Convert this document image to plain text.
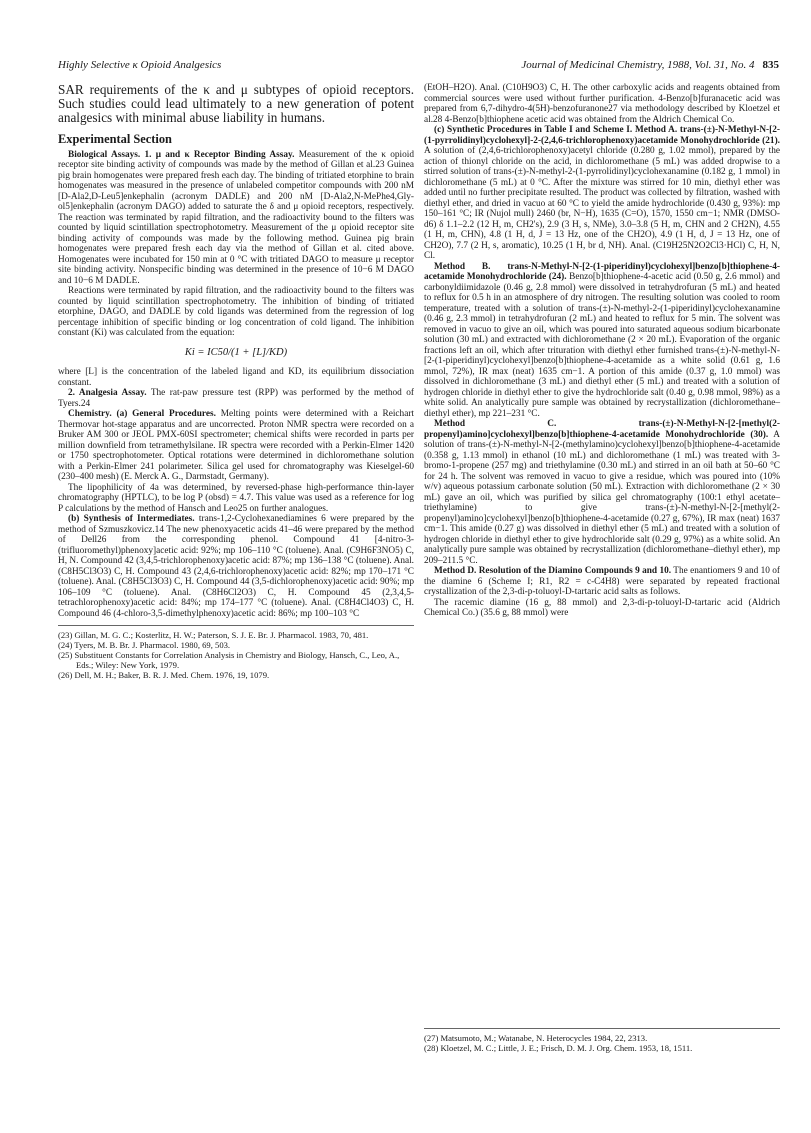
Highly Selective κ Opioid Analgesics	Journal of Medicinal Chemistry, 1988, Vol. 31, No. 4 835

SAR requirements of the κ and μ subtypes of opioid receptors. Such studies could lead ultimately to a new generation of potent analgesics with minimal abuse liability in humans.

Experimental Section

Biological Assays. 1. μ and κ Receptor Binding Assay. Measurement of the κ opioid receptor site binding activity of compounds was made by the method of Gillan et al.23 Guinea pig brain homogenates were prepared fresh each day. The binding of tritiated etorphine to brain homogenates was measured in the presence of unlabeled competitor compounds with 200 nM [D-Ala2,D-Leu5]enkephalin (acronym DADLE) and 200 nM [D-Ala2,N-MePhe4,Gly-ol5]enkephalin (acronym DAGO) added to saturate the δ and μ opioid receptors, respectively. The reaction was terminated by rapid filtration, and the radioactivity bound to the filters was counted by liquid scintillation spectrophotometry. Measurement of the μ opioid receptor site binding activity of compounds was made by the following method. Guinea pig brain homogenates were prepared fresh each day via the method of Gillan et al. cited above. Homogenates were incubated for 150 min at 0 °C with tritiated DAGO to measure μ receptor site binding activity. Nonspecific binding was determined in the presence of 10−6 M DAGO and 10−6 M DADLE.

Reactions were terminated by rapid filtration, and the radioactivity bound to the filters was counted by liquid scintillation spectrophotometry. The inhibition of binding of tritiated etorphine, DAGO, and DADLE by cold ligands was determined from the regression of log percentage inhibition of specific binding or log concentration of cold ligand. The inhibition constant (Ki) was calculated from the equation:

Ki = IC50/(1 + [L]/KD)

where [L] is the concentration of the labeled ligand and KD, its equilibrium dissociation constant.

2. Analgesia Assay. The rat-paw pressure test (RPP) was performed by the method of Tyers.24

Chemistry. (a) General Procedures. Melting points were determined with a Reichart Thermovar hot-stage apparatus and are uncorrected. Proton NMR spectra were recorded on a Bruker AM 300 or JEOL PMX-60SI spectrometer; chemical shifts were recorded in parts per million downfield from tetramethylsilane. IR spectra were recorded with a Perkin-Elmer 1420 or 1750 spectrophotometer. Optical rotations were determined in dichloromethane solution with a Perkin-Elmer 241 polarimeter. Silica gel used for chromatography was Kieselgel-60 (230–400 mesh) (E. Merck A. G., Darmstadt, Germany).

The lipophilicity of 4a was determined, by reversed-phase high-performance thin-layer chromatography (HPTLC), to be log P (obsd) = 4.7. This value was used as a reference for log P calculations by the method of Hansch and Leo25 on further analogues.

(b) Synthesis of Intermediates. trans-1,2-Cyclohexanediamines 6 were prepared by the method of Szmuszkovicz.14 The new phenoxyacetic acids 41–46 were prepared by the method of Dell26 from the corresponding phenol. Compound 41 [4-nitro-3-(trifluoromethyl)phenoxy]acetic acid: 92%; mp 106–110 °C (toluene). Anal. (C9H6F3NO5) C, H, N. Compound 42 (3,4,5-trichlorophenoxy)acetic acid: 87%; mp 136–138 °C (toluene). Anal. (C8H5Cl3O3) C, H. Compound 43 (2,4,6-trichlorophenoxy)acetic acid: 82%; mp 170–171 °C (toluene). Anal. (C8H5Cl3O3) C, H. Compound 44 (3,5-dichlorophenoxy)acetic acid: 90%; mp 106–109 °C (toluene). Anal. (C8H6Cl2O3) C, H. Compound 45 (2,3,4,5-tetrachlorophenoxy)acetic acid: 84%; mp 174–177 °C (toluene). Anal. (C8H4Cl4O3) C, H. Compound 46 (4-chloro-3,5-dimethylphenoxy)acetic acid: 86%; mp 100–103 °C

(23) Gillan, M. G. C.; Kosterlitz, H. W.; Paterson, S. J. E. Br. J. Pharmacol. 1983, 70, 481.

(24) Tyers, M. B. Br. J. Pharmacol. 1980, 69, 503.

(25) Substituent Constants for Correlation Analysis in Chemistry and Biology, Hansch, C., Leo, A., Eds.; Wiley: New York, 1979.

(26) Dell, M. H.; Baker, B. R. J. Med. Chem. 1976, 19, 1079.

(EtOH–H2O). Anal. (C10H9O3) C, H. The other carboxylic acids and reagents obtained from commercial sources were used without further purification. 4-Benzo[b]furanacetic acid was prepared from 6,7-dihydro-4(5H)-benzofuranone27 via methodology described by Kloetzel et al.28 4-Benzo[b]thiophene acetic acid was obtained from the Aldrich Chemical Co.

(c) Synthetic Procedures in Table I and Scheme I. Method A. trans-(±)-N-Methyl-N-[2-(1-pyrrolidinyl)cyclohexyl]-2-(2,4,6-trichlorophenoxy)acetamide Monohydrochloride (21). A solution of (2,4,6-trichlorophenoxy)acetyl chloride (0.280 g, 1.02 mmol), prepared by the action of thionyl chloride on the acid, in dichloromethane (5 mL) was added dropwise to a stirred solution of trans-(±)-N-methyl-2-(1-pyrrolidinyl)cyclohexanamine (0.182 g, 1 mmol) in dichloromethane (5 mL) at 0 °C. After the mixture was stirred for 10 min, diethyl ether was added until no further precipitate resulted. The product was collected by filtration, washed with diethyl ether, and dried in vacuo at 60 °C to yield the amide hydrochloride (0.430 g, 93%): mp 150–161 °C; IR (Nujol mull) 2460 (br, N−H), 1635 (C=O), 1570, 1550 cm−1; NMR (DMSO-d6) δ 1.1–2.2 (12 H, m, CH2's), 2.9 (3 H, s, NMe), 3.0–3.8 (5 H, m, CHN and 2 CH2N), 4.55 (1 H, m, CHN), 4.8 (1 H, d, J = 13 Hz, one of the CH2O), 4.9 (1 H, d, J = 13 Hz, one of CH2O), 7.7 (2 H, s, aromatic), 10.25 (1 H, br d, NH). Anal. (C19H25N2O2Cl3·HCl) C, H, N, Cl.

Method B. trans-N-Methyl-N-[2-(1-piperidinyl)cyclohexyl]benzo[b]thiophene-4-acetamide Monohydrochloride (24). Benzo[b]thiophene-4-acetic acid (0.50 g, 2.6 mmol) and carbonyldiimidazole (0.46 g, 2.8 mmol) were dissolved in tetrahydrofuran (5 mL) and heated to reflux for 0.5 h in an atmosphere of dry nitrogen. The resulting solution was cooled to room temperature, treated with a solution of trans-(±)-N-methyl-2-(1-piperidinyl)cyclohexanamine (0.46 g, 2.3 mmol) in tetrahydrofuran (2 mL) and heated to reflux for 5 min. The solvent was removed in vacuo to give an oil, which was poured into saturated aqueous sodium bicarbonate solution (30 mL) and extracted with dichloromethane (2 × 20 mL). Evaporation of the organic fractions left an oil, which after trituration with diethyl ether furnished trans-(±)-N-methyl-N-[2-(1-piperidinyl)cyclohexyl]benzo[b]thiophene-4-acetamide as a white solid (0.61 g, 1.6 mmol, 72%), IR max (neat) 1635 cm−1. A portion of this amide (0.37 g, 1.0 mmol) was dissolved in dichloromethane (3 mL) and diethyl ether (5 mL) and treated with a solution of hydrogen chloride in diethyl ether to give the hydrochloride salt (0.40 g, 0.98 mmol, 98%) as a white solid. An analytically pure sample was obtained by recrystallization (dichloromethane–diethyl ether), mp 221–231 °C.

Method C. trans-(±)-N-Methyl-N-[2-[methyl(2-propenyl)amino]cyclohexyl]benzo[b]thiophene-4-acetamide Monohydrochloride (30). A solution of trans-(±)-N-methyl-N-[2-(methylamino)cyclohexyl]benzo[b]thiophene-4-acetamide (0.358 g, 1.13 mmol) in ethanol (10 mL) and dichloromethane (1 mL) was treated with 3-bromo-1-propene (257 mg) and triethylamine (0.30 mL) and stirred in an oil bath at 50–60 °C for 24 h. The solvent was removed in vacuo to give a residue, which was poured into (10% w/v) aqueous potassium carbonate solution (50 mL). Extraction with dichloromethane (2 × 30 mL) gave an oil, which was purified by silica gel chromatography (100:1 ethyl acetate–triethylamine) to give trans-(±)-N-methyl-N-[2-[methyl(2-propenyl)amino]cyclohexyl]benzo[b]thiophene-4-acetamide (0.27 g, 67%), IR max (neat) 1637 cm−1. This amide (0.27 g) was dissolved in diethyl ether (5 mL) and treated with a solution of hydrogen chloride in diethyl ether to give hydrochloride salt (0.29 g, 97%) as a white solid. An analytically pure sample was obtained by recrystallization (dichloromethane–diethyl ether), mp 209–211.5 °C.

Method D. Resolution of the Diamino Compounds 9 and 10. The enantiomers 9 and 10 of the diamine 6 (Scheme I; R1, R2 = c-C4H8) were separated by repeated fractional crystallization of the 2,3-di-p-toluoyl-D-tartaric acid salts as follows.

The racemic diamine (16 g, 88 mmol) and 2,3-di-p-toluoyl-D-tartaric acid (Aldrich Chemical Co.) (35.6 g, 88 mmol) were

(27) Matsumoto, M.; Watanabe, N. Heterocycles 1984, 22, 2313.

(28) Kloetzel, M. C.; Little, J. E.; Frisch, D. M. J. Org. Chem. 1953, 18, 1511.
